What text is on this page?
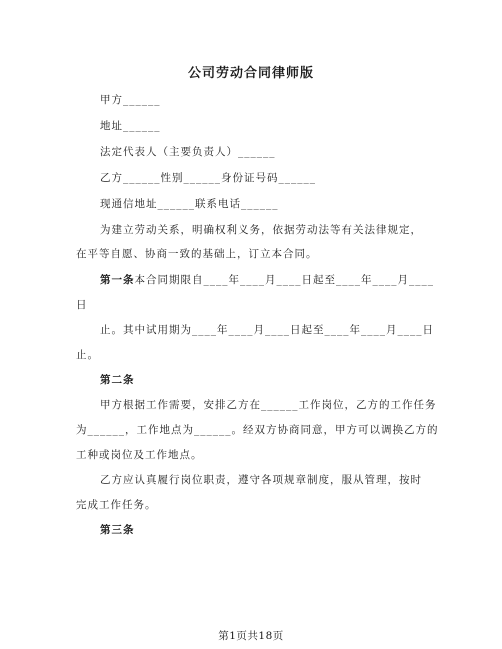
公司劳动合同律师版
甲方______
地址______
法定代表人（主要负责人）______
乙方______性别______身份证号码______
现通信地址______联系电话______
为建立劳动关系，明确权利义务，依据劳动法等有关法律规定，
在平等自愿、协商一致的基础上，订立本合同。
第一条本合同期限自____年____月____日起至____年____月____
日
止。其中试用期为____年____月____日起至____年____月____日
止。
第二条
甲方根据工作需要，安排乙方在______工作岗位，乙方的工作任务
为______，工作地点为______。经双方协商同意，甲方可以调换乙方的
工种或岗位及工作地点。
乙方应认真履行岗位职责，遵守各项规章制度，服从管理，按时
完成工作任务。
第三条
第1页共18页
